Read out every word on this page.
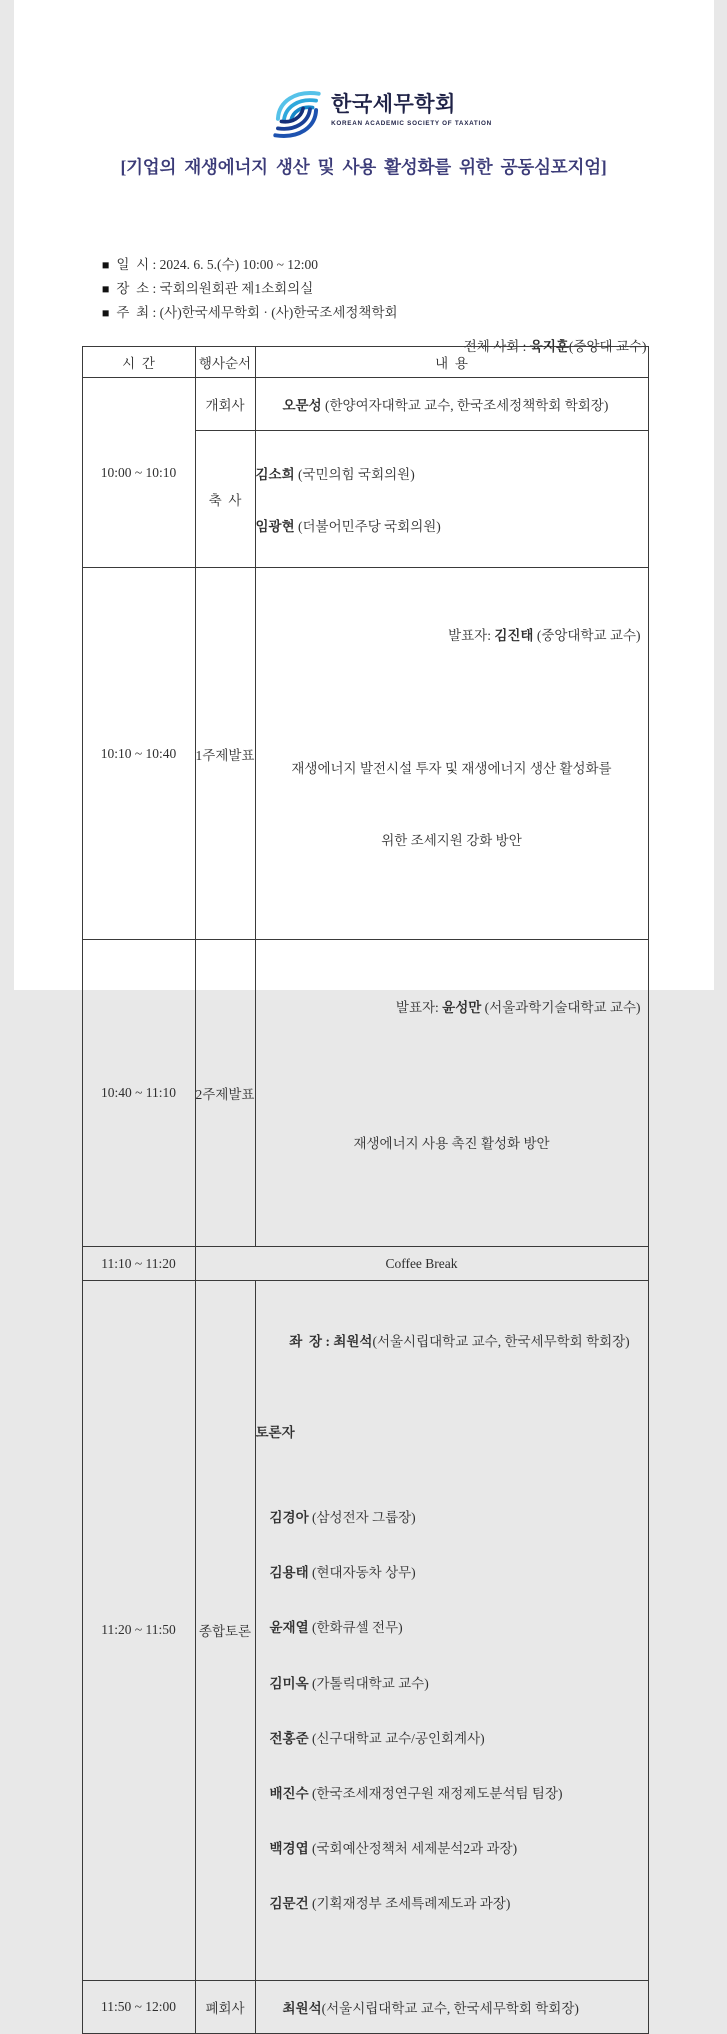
한국세무학회
KOREAN ACADEMIC SOCIETY OF TAXATION
[기업의 재생에너지 생산 및 사용 활성화를 위한 공동심포지엄]

■ 일  시 : 2024. 6. 5.(수) 10:00 ~ 12:00

■ 장  소 : 국회의원회관 제1소회의실

■ 주  최 : (사)한국세무학회 · (사)한국조세정책학회

전체 사회 : 육지훈(중앙대 교수)

시  간	행사순서	내  용
10:00 ~ 10:10	개회사	오문성 (한양여자대학교 교수, 한국조세정책학회 학회장)

	축  사	김소희 (국민의힘 국회의원)

임광현 (더불어민주당 국회의원)

10:10 ~ 10:40	1주제발표	발표자: 김진태 (중앙대학교 교수)

재생에너지 발전시설 투자 및 재생에너지 생산 활성화를

위한 조세지원 강화 방안

10:40 ~ 11:10	2주제발표	발표자: 윤성만 (서울과학기술대학교 교수)

재생에너지 사용 촉진 활성화 방안

11:10 ~ 11:20	Coffee Break	
11:20 ~ 11:50	종합토론	

좌  장 : 최원석(서울시립대학교 교수, 한국세무학회 학회장)

토론자

김경아 (삼성전자 그룹장)

김용태 (현대자동차 상무)

윤재열 (한화큐셀 전무)

김미옥 (가톨릭대학교 교수)

전홍준 (신구대학교 교수/공인회계사)

배진수 (한국조세재정연구원 재정제도분석팀 팀장)

백경엽 (국회예산정책처 세제분석2과 과장)

김문건 (기획재정부 조세특례제도과 과장)

11:50 ~ 12:00	폐회사	최원석(서울시립대학교 교수, 한국세무학회 학회장)
